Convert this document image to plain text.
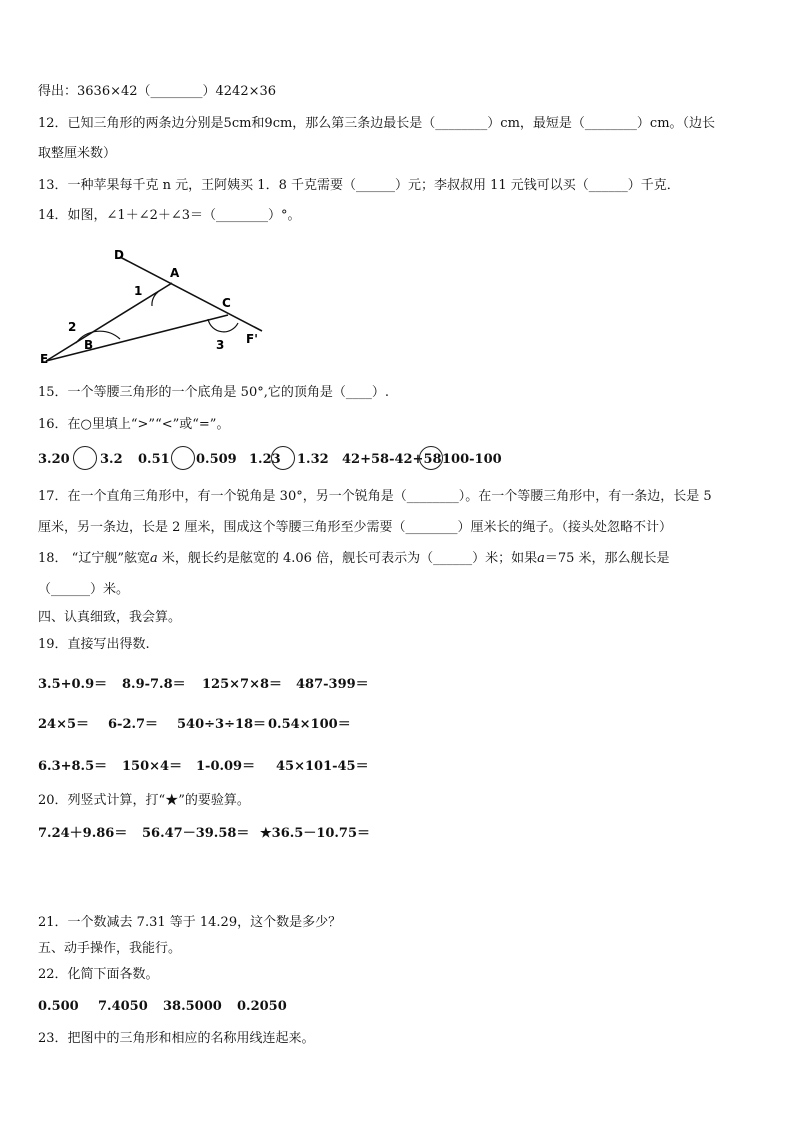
得出：3636×42（________）4242×36
12．已知三角形的两条边分别是5cm和9cm，那么第三条边最长是（________）cm，最短是（________）cm。（边长
取整厘米数）
13．一种苹果每千克 n 元，王阿姨买 1．8 千克需要（______）元；李叔叔用 11 元钱可以买（______）千克．
14．如图，∠1＋∠2＋∠3＝（________）°。
D
A
C
F'
E
B
1
2
3
15．一个等腰三角形的一个底角是 50°,它的顶角是（____）.
16．在○里填上“>”“<”或“=”。
3.20 3.2 0.51 0.509 1.23 1.32 42+58-42+58 100-100
17．在一个直角三角形中，有一个锐角是 30°，另一个锐角是（________）。在一个等腰三角形中，有一条边，长是 5
厘米，另一条边，长是 2 厘米，围成这个等腰三角形至少需要（________）厘米长的绳子。（接头处忽略不计）
18． “辽宁舰”舷宽a 米，舰长约是舷宽的 4.06 倍，舰长可表示为（______）米；如果a＝75 米，那么舰长是
（______）米。
四、认真细致，我会算。
19．直接写出得数.
3.5+0.9＝ 8.9-7.8＝ 125×7×8＝ 487-399＝
24×5＝ 6-2.7＝ 540÷3÷18＝ 0.54×100＝
6.3+8.5＝ 150×4＝ 1-0.09＝ 45×101-45＝
20．列竖式计算，打“★”的要验算。
7.24＋9.86＝ 56.47－39.58＝ ★36.5－10.75＝
21．一个数减去 7.31 等于 14.29，这个数是多少？
五、动手操作，我能行。
22．化简下面各数。
0.500 7.4050 38.5000 0.2050
23．把图中的三角形和相应的名称用线连起来。
